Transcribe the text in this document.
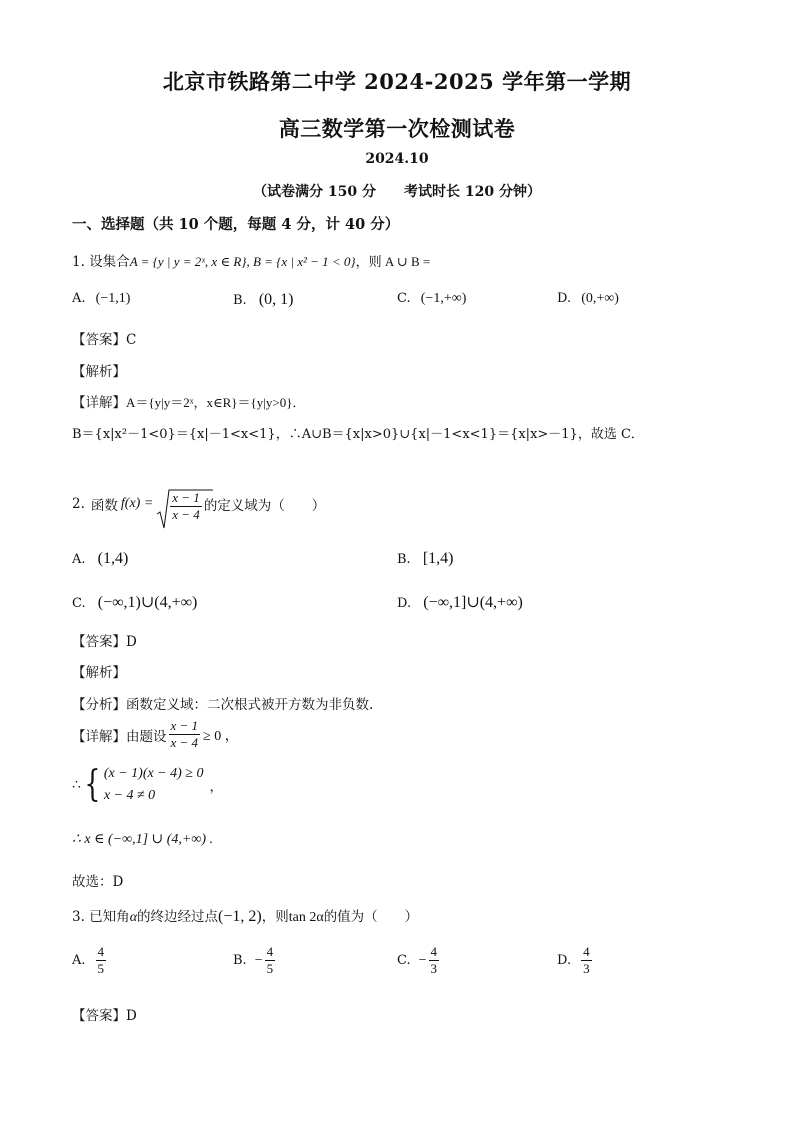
北京市铁路第二中学 2024-2025 学年第一学期
高三数学第一次检测试卷
2024.10
（试卷满分 150 分 考试时长 120 分钟）
一、选择题（共 10 个题，每题 4 分，计 40 分）
1. 设集合A = {y | y = 2ˣ, x ∈ R}, B = {x | x² − 1 < 0}，则 A ∪ B =
A. (−1,1)	B. (0, 1)	C. (−1,+∞)	D. (0,+∞)
【答案】C
【解析】
【详解】A＝{y|y＝2ˣ，x∈R}＝{y|y>0}．
B＝{x|x²－1<0}＝{x|－1<x<1}，∴A∪B＝{x|x>0}∪{x|－1<x<1}＝{x|x>－1}，故选 C．
2. 函数 $f(x) = \frac{x - 1}{x - 4}$ 的定义域为（　　）
A. (1,4)	B. [1,4)
C. (−∞,1)∪(4,+∞)	D. (−∞,1]∪(4,+∞)
【答案】D
【解析】
【分析】函数定义域：二次根式被开方数为非负数.
【详解】 由题设 $\frac{x - 1}{x - 4} \ge 0$ ，
∴ { (x − 1)(x − 4) ≥ 0
x − 4 ≠ 0
，
∴ x ∈ (−∞,1] ∪ (4,+∞) .
故选：D
3. 已知角α的终边经过点(−1, 2)，则tan 2α的值为（　　）
A. $\frac{4}{5}$	B. − $\frac{4}{5}$	C. − $\frac{4}{3}$	D. $\frac{4}{3}$
【答案】D
